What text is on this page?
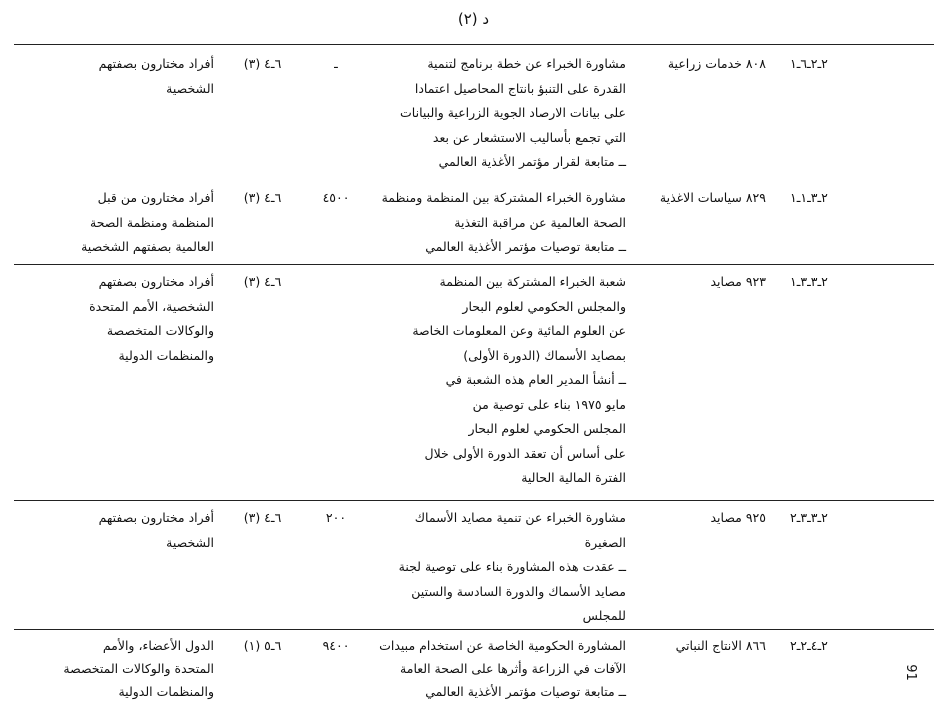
د (٢)
٢ـ٢ـ٦ـ١
٨٠٨ خدمات زراعية
مشاورة الخبراء عن خطة برنامج لتنمية
القدرة على التنبؤ بانتاج المحاصيل اعتمادا
على بيانات الارصاد الجوية الزراعية والبيانات
التي تجمع بأساليب الاستشعار عن بعد
ــ متابعة لقرار مؤتمر الأغذية العالمي
ـ
٦ـ٤ (٣)
أفراد مختارون بصفتهم
الشخصية
٢ـ٣ـ١ـ١
٨٢٩ سياسات الاغذية
مشاورة الخبراء المشتركة بين المنظمة ومنظمة
الصحة العالمية عن مراقبة التغذية
ــ متابعة توصيات مؤتمر الأغذية العالمي
٤٥٠٠
٦ـ٤ (٣)
أفراد مختارون من قبل
المنظمة ومنظمة الصحة
العالمية بصفتهم الشخصية
٢ـ٣ـ٣ـ١
٩٢٣ مصايد
شعبة الخبراء المشتركة بين المنظمة
والمجلس الحكومي لعلوم البحار
عن العلوم المائية وعن المعلومات الخاصة
بمصايد الأسماك (الدورة الأولى)
ــ أنشأ المدير العام هذه الشعبة في
مايو ١٩٧٥ بناء على توصية من
المجلس الحكومي لعلوم البحار
على أساس أن تعقد الدورة الأولى خلال
الفترة المالية الحالية
٦ـ٤ (٣)
أفراد مختارون بصفتهم
الشخصية، الأمم المتحدة
والوكالات المتخصصة
والمنظمات الدولية
٢ـ٣ـ٣ـ٢
٩٢٥ مصايد
مشاورة الخبراء عن تنمية مصايد الأسماك
الصغيرة
ــ عقدت هذه المشاورة بناء على توصية لجنة
مصايد الأسماك والدورة السادسة والستين
للمجلس
٢٠٠
٦ـ٤ (٣)
أفراد مختارون بصفتهم
الشخصية
٢ـ٤ـ٢ـ٢
٨٦٦ الانتاج النباتي
المشاورة الحكومية الخاصة عن استخدام مبيدات
الآفات في الزراعة وأثرها على الصحة العامة
ــ متابعة توصيات مؤتمر الأغذية العالمي
٩٤٠٠
٦ـ٥ (١)
الدول الأعضاء، والأمم
المتحدة والوكالات المتخصصة
والمنظمات الدولية
91
